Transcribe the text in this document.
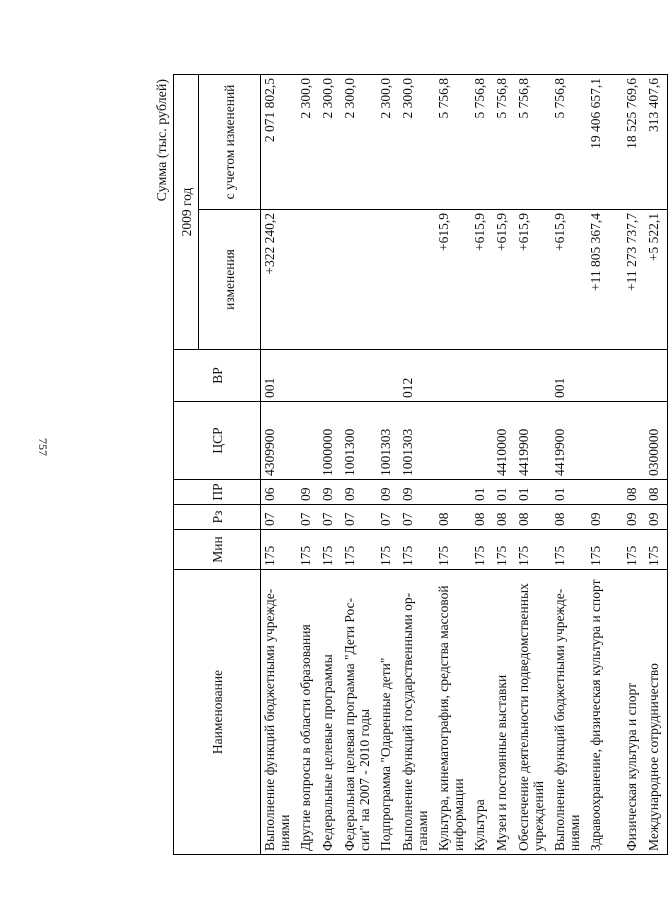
757
Сумма (тыс. рублей)
Наименование	Мин	Рз	ПР	ЦСР	ВР	2009 год	
						изменения	с учетом изменений

Выполнение функций бюджетными учрежде-ниями	175	07	06	4309900	001	+322 240,2	2 071 802,5
Другие вопросы в области образования	175	07	09				2 300,0
Федеральные целевые программы	175	07	09	1000000			2 300,0
Федеральная целевая программа "Дети Рос-сии" на 2007 - 2010 годы	175	07	09	1001300			2 300,0
Подпрограмма "Одаренные дети"	175	07	09	1001303			2 300,0
Выполнение функций государственными ор-ганами	175	07	09	1001303	012		2 300,0
Культура, кинематография, средства массовой информации	175	08				+615,9	5 756,8
Культура	175	08	01			+615,9	5 756,8
Музеи и постоянные выставки	175	08	01	4410000		+615,9	5 756,8
Обеспечение деятельности подведомственных учреждений	175	08	01	4419900		+615,9	5 756,8
Выполнение функций бюджетными учрежде-ниями	175	08	01	4419900	001	+615,9	5 756,8
Здравоохранение, физическая культура и спорт	175	09				+11 805 367,4	19 406 657,1
Физическая культура и спорт	175	09	08			+11 273 737,7	18 525 769,6
Международное сотрудничество	175	09	08	0300000		+5 522,1	313 407,6
